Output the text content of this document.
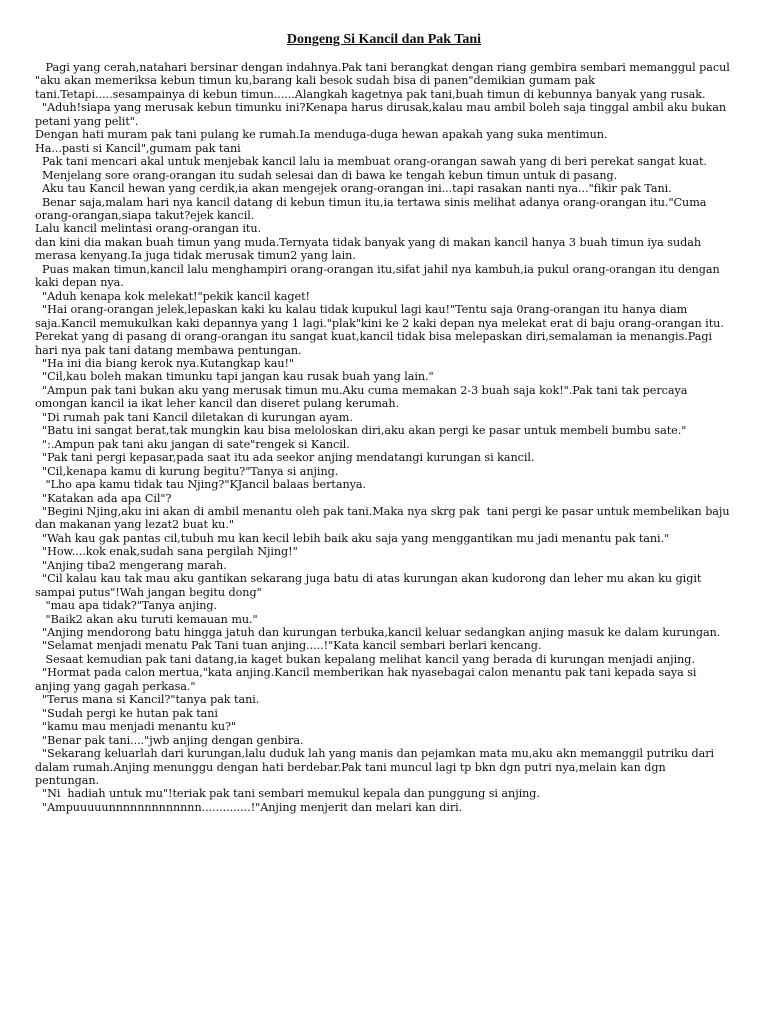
Dongeng Si Kancil dan Pak Tani

Pagi yang cerah,natahari bersinar dengan indahnya.Pak tani berangkat dengan riang gembira sembari memanggul pacul "aku akan memeriksa kebun timun ku,barang kali besok sudah bisa di panen"demikian gumam pak tani.Tetapi.....sesampainya di kebun timun......Alangkah kagetnya pak tani,buah timun di kebunnya banyak yang rusak.

"Aduh!siapa yang merusak kebun timunku ini?Kenapa harus dirusak,kalau mau ambil boleh saja tinggal ambil aku bukan petani yang pelit".

Dengan hati muram pak tani pulang ke rumah.Ia menduga-duga hewan apakah yang suka mentimun.

Ha...pasti si Kancil",gumam pak tani

Pak tani mencari akal untuk menjebak kancil lalu ia membuat orang-orangan sawah yang di beri perekat sangat kuat.

Menjelang sore orang-orangan itu sudah selesai dan di bawa ke tengah kebun timun untuk di pasang.

Aku tau Kancil hewan yang cerdik,ia akan mengejek orang-orangan ini...tapi rasakan nanti nya..."fikir pak Tani.

Benar saja,malam hari nya kancil datang di kebun timun itu,ia tertawa sinis melihat adanya orang-orangan itu."Cuma orang-orangan,siapa takut?ejek kancil.

Lalu kancil melintasi orang-orangan itu.

dan kini dia makan buah timun yang muda.Ternyata tidak banyak yang di makan kancil hanya 3 buah timun iya sudah merasa kenyang.Ia juga tidak merusak timun2 yang lain.

Puas makan timun,kancil lalu menghampiri orang-orangan itu,sifat jahil nya kambuh,ia pukul orang-orangan itu dengan kaki depan nya.

"Aduh kenapa kok melekat!"pekik kancil kaget!

"Hai orang-orangan jelek,lepaskan kaki ku kalau tidak kupukul lagi kau!"Tentu saja 0rang-orangan itu hanya diam saja.Kancil memukulkan kaki depannya yang 1 lagi."plak"kini ke 2 kaki depan nya melekat erat di baju orang-orangan itu.

Perekat yang di pasang di orang-orangan itu sangat kuat,kancil tidak bisa melepaskan diri,semalaman ia menangis.Pagi hari nya pak tani datang membawa pentungan.

"Ha ini dia biang kerok nya.Kutangkap kau!"

"Cil,kau boleh makan timunku tapi jangan kau rusak buah yang lain."

"Ampun pak tani bukan aku yang merusak timun mu.Aku cuma memakan 2-3 buah saja kok!".Pak tani tak percaya omongan kancil ia ikat leher kancil dan diseret pulang kerumah.

"Di rumah pak tani Kancil diletakan di kurungan ayam.

"Batu ini sangat berat,tak mungkin kau bisa meloloskan diri,aku akan pergi ke pasar untuk membeli bumbu sate."

":.Ampun pak tani aku jangan di sate"rengek si Kancil.

"Pak tani pergi kepasar,pada saat itu ada seekor anjing mendatangi kurungan si kancil.

"Cil,kenapa kamu di kurung begitu?"Tanya si anjing.

"Lho apa kamu tidak tau Njing?"KJancil balaas bertanya.

"Katakan ada apa Cil"?

"Begini Njing,aku ini akan di ambil menantu oleh pak tani.Maka nya skrg pak  tani pergi ke pasar untuk membelikan baju dan makanan yang lezat2 buat ku."

"Wah kau gak pantas cil,tubuh mu kan kecil lebih baik aku saja yang menggantikan mu jadi menantu pak tani."

"How....kok enak,sudah sana pergilah Njing!"

"Anjing tiba2 mengerang marah.

"Cil kalau kau tak mau aku gantikan sekarang juga batu di atas kurungan akan kudorong dan leher mu akan ku gigit sampai putus"!Wah jangan begitu dong"

"mau apa tidak?"Tanya anjing.

"Baik2 akan aku turuti kemauan mu."

"Anjing mendorong batu hingga jatuh dan kurungan terbuka,kancil keluar sedangkan anjing masuk ke dalam kurungan.

"Selamat menjadi menatu Pak Tani tuan anjing.....!"Kata kancil sembari berlari kencang.

Sesaat kemudian pak tani datang,ia kaget bukan kepalang melihat kancil yang berada di kurungan menjadi anjing.

"Hormat pada calon mertua,"kata anjing.Kancil memberikan hak nyasebagai calon menantu pak tani kepada saya si anjing yang gagah perkasa."

"Terus mana si Kancil?"tanya pak tani.

"Sudah pergi ke hutan pak tani

"kamu mau menjadi menantu ku?"

"Benar pak tani...."jwb anjing dengan genbira.

"Sekarang keluarlah dari kurungan,lalu duduk lah yang manis dan pejamkan mata mu,aku akn memanggil putriku dari dalam rumah.Anjing menunggu dengan hati berdebar.Pak tani muncul lagi tp bkn dgn putri nya,melain kan dgn pentungan.

"Ni  hadiah untuk mu"!teriak pak tani sembari memukul kepala dan punggung si anjing.

"Ampuuuuunnnnnnnnnnnnn..............!"Anjing menjerit dan melari kan diri.
